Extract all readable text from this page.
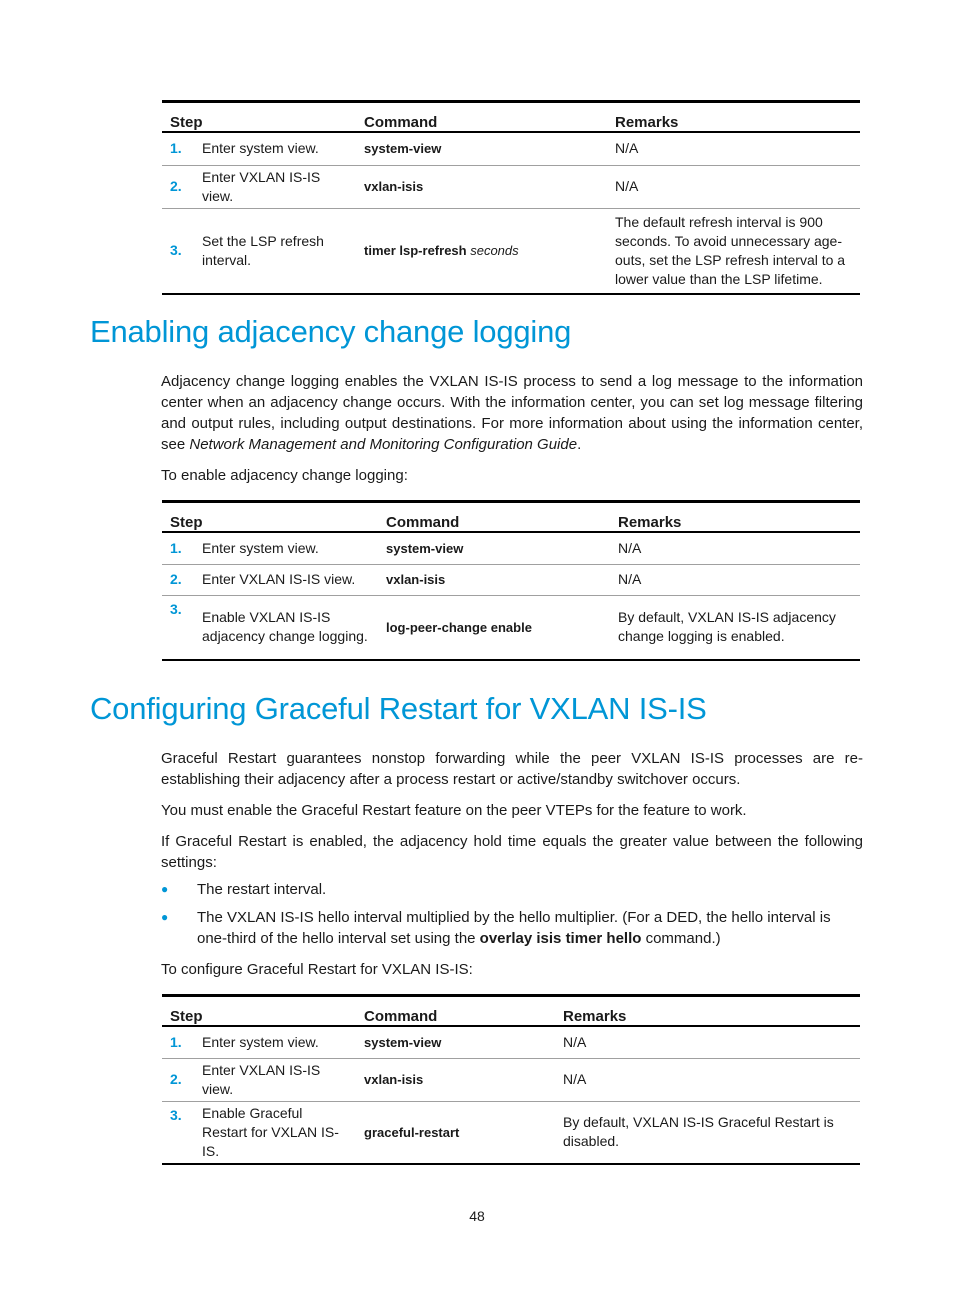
Step		Command	Remarks
1.	Enter system view.	system-view	N/A
2.	Enter VXLAN IS-IS view.	vxlan-isis	N/A
3.	Set the LSP refresh interval.	timer lsp-refresh seconds	The default refresh interval is 900 seconds. To avoid unnecessary age-outs, set the LSP refresh interval to a lower value than the LSP lifetime.
Enabling adjacency change logging

Adjacency change logging enables the VXLAN IS-IS process to send a log message to the information center when an adjacency change occurs. With the information center, you can set log message filtering and output rules, including output destinations. For more information about using the information center, see Network Management and Monitoring Configuration Guide.

To enable adjacency change logging:

Step		Command	Remarks
1.	Enter system view.	system-view	N/A
2.	Enter VXLAN IS-IS view.	vxlan-isis	N/A
3.	Enable VXLAN IS-IS adjacency change logging.	log-peer-change enable	By default, VXLAN IS-IS adjacency change logging is enabled.
Configuring Graceful Restart for VXLAN IS-IS

Graceful Restart guarantees nonstop forwarding while the peer VXLAN IS-IS processes are re-establishing their adjacency after a process restart or active/standby switchover occurs.

You must enable the Graceful Restart feature on the peer VTEPs for the feature to work.

If Graceful Restart is enabled, the adjacency hold time equals the greater value between the following settings:

● The restart interval.
● The VXLAN IS-IS hello interval multiplied by the hello multiplier. (For a DED, the hello interval is one-third of the hello interval set using the overlay isis timer hello command.)

To configure Graceful Restart for VXLAN IS-IS:

Step		Command	Remarks
1.	Enter system view.	system-view	N/A
2.	Enter VXLAN IS-IS view.	vxlan-isis	N/A
3.	Enable Graceful Restart for VXLAN IS-IS.	graceful-restart	By default, VXLAN IS-IS Graceful Restart is disabled.
48
